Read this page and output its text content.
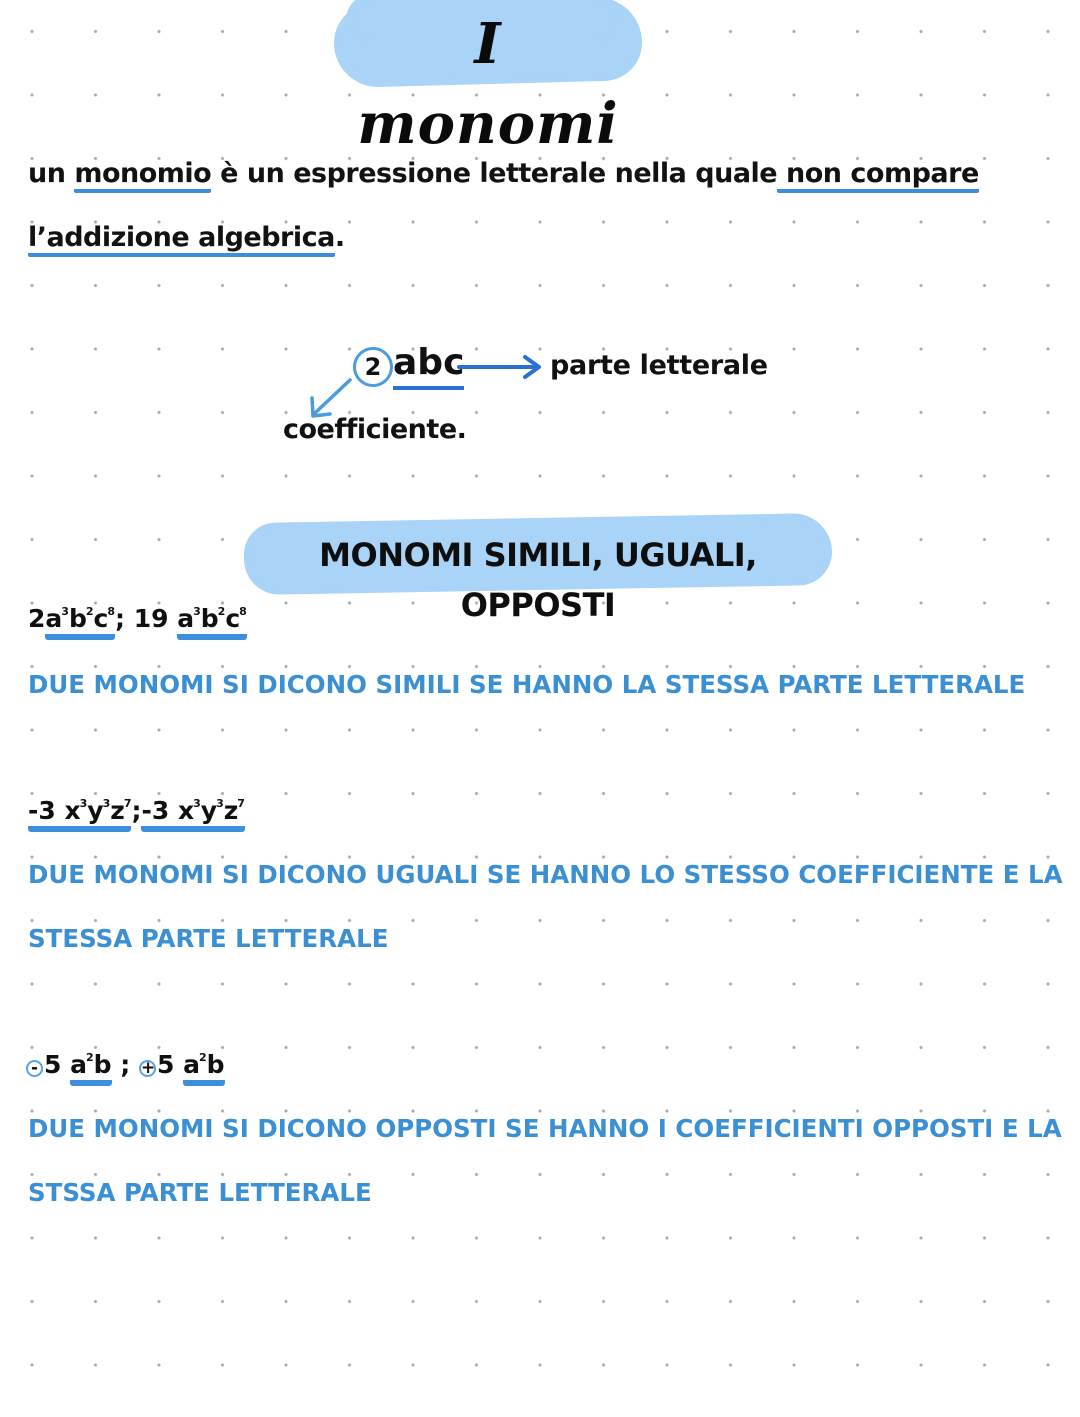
I monomi
un monomio è un espressione letterale nella quale non compare
l’addizione algebrica.
2 abc	parte letterale
coefficiente.
MONOMI SIMILI, UGUALI, OPPOSTI
$2a^3b^2c^8$; 19 $a^3b^2c^8$
DUE MONOMI SI DICONO SIMILI SE HANNO LA STESSA PARTE LETTERALE
-3 $x^3y^3z^7;-3$ $x^3y^3z^7$
DUE MONOMI SI DICONO UGUALI SE HANNO LO STESSO COEFFICIENTE E LA
STESSA PARTE LETTERALE
- 5 $a^2b$ ; +5 $a^2b$
DUE MONOMI SI DICONO OPPOSTI SE HANNO I COEFFICIENTI OPPOSTI E LA
STSSA PARTE LETTERALE
